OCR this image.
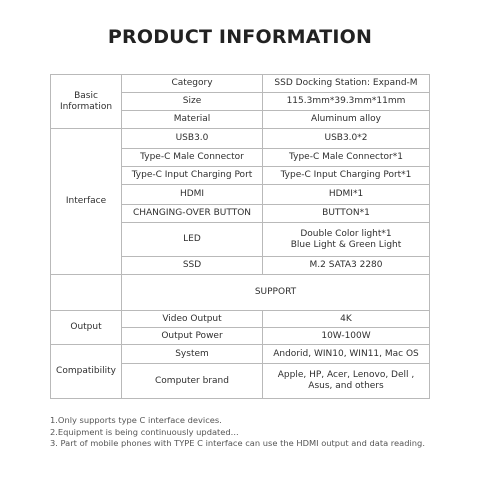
PRODUCT INFORMATION
Basic
Information	Category	SSD Docking Station: Expand-M
	Size	115.3mm*39.3mm*11mm
	Material	Aluminum alloy
Interface	USB3.0	USB3.0*2
	Type-C Male Connector	Type-C Male Connector*1
	Type-C Input Charging Port	Type-C Input Charging Port*1
	HDMI	HDMI*1
	CHANGING-OVER BUTTON	BUTTON*1
	LED	Double Color light*1
Blue Light & Green Light
	SSD	M.2 SATA3 2280
	SUPPORT	
Output	Video Output	4K
	Output Power	10W-100W
Compatibility	System	Andorid, WIN10, WIN11, Mac OS
	Computer brand	Apple, HP, Acer, Lenovo, Dell ,
Asus, and others
1.Only supports type C interface devices.
2.Equipment is being continuously updated...
3. Part of mobile phones with TYPE C interface can use the HDMI output and data reading.
